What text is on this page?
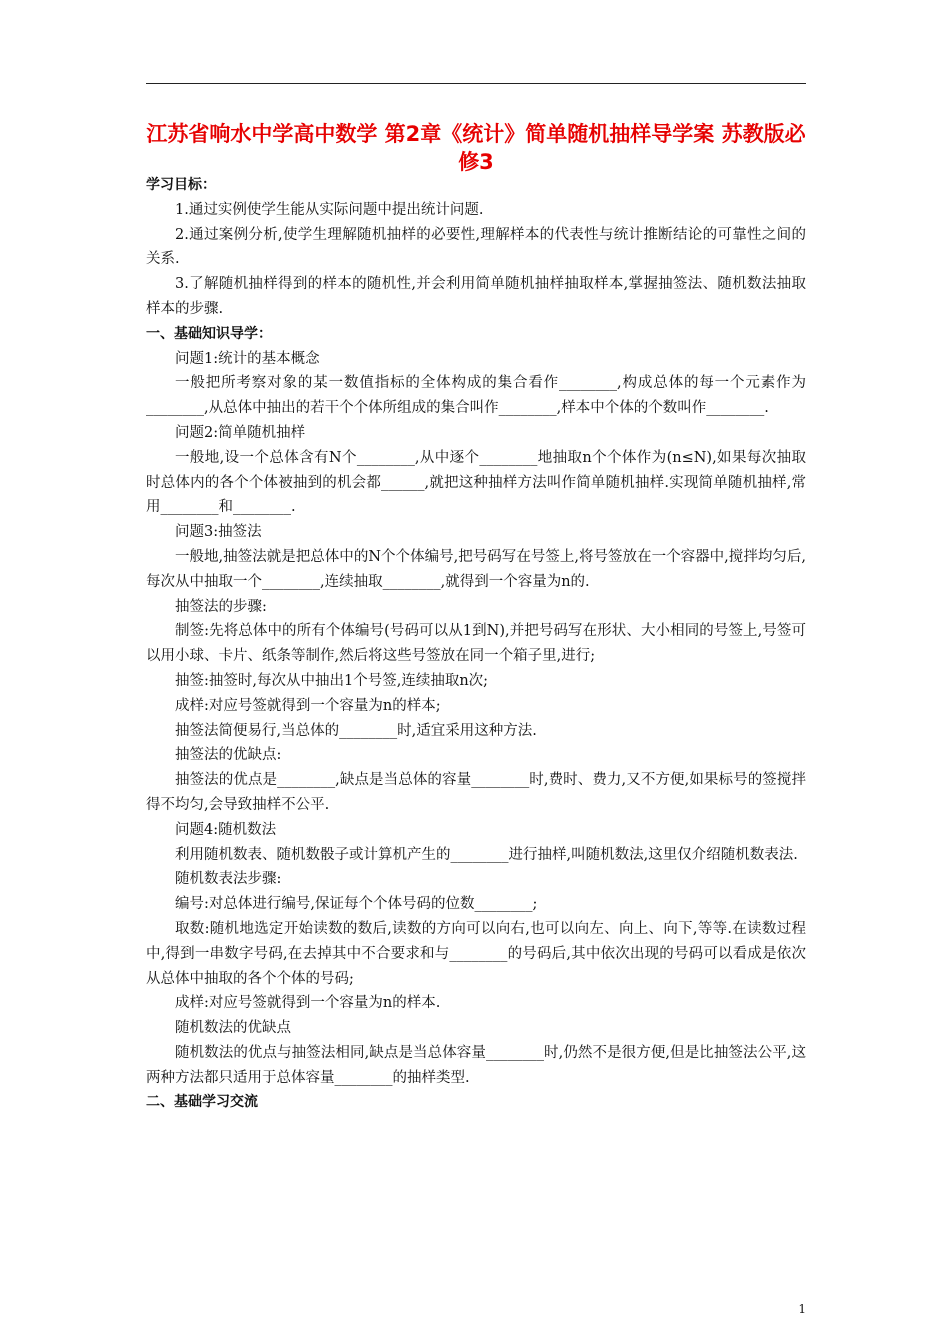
江苏省响水中学高中数学 第2章《统计》简单随机抽样导学案 苏教版必修3

学习目标：

1.通过实例使学生能从实际问题中提出统计问题.

2.通过案例分析,使学生理解随机抽样的必要性,理解样本的代表性与统计推断结论的可靠性之间的关系.

3.了解随机抽样得到的样本的随机性,并会利用简单随机抽样抽取样本,掌握抽签法、随机数法抽取样本的步骤.

一、基础知识导学：

问题1:统计的基本概念

一般把所考察对象的某一数值指标的全体构成的集合看作________,构成总体的每一个元素作为________,从总体中抽出的若干个个体所组成的集合叫作________,样本中个体的个数叫作________.

问题2:简单随机抽样

一般地,设一个总体含有N个________,从中逐个________地抽取n个个体作为(n≤N),如果每次抽取时总体内的各个个体被抽到的机会都______,就把这种抽样方法叫作简单随机抽样.实现简单随机抽样,常用________和________.

问题3:抽签法

一般地,抽签法就是把总体中的N个个体编号,把号码写在号签上,将号签放在一个容器中,搅拌均匀后,每次从中抽取一个________,连续抽取________,就得到一个容量为n的.

抽签法的步骤:

制签:先将总体中的所有个体编号(号码可以从1到N),并把号码写在形状、大小相同的号签上,号签可以用小球、卡片、纸条等制作,然后将这些号签放在同一个箱子里,进行;

抽签:抽签时,每次从中抽出1个号签,连续抽取n次;

成样:对应号签就得到一个容量为n的样本;

抽签法简便易行,当总体的________时,适宜采用这种方法.

抽签法的优缺点:

抽签法的优点是________,缺点是当总体的容量________时,费时、费力,又不方便,如果标号的签搅拌得不均匀,会导致抽样不公平.

问题4:随机数法

利用随机数表、随机数骰子或计算机产生的________进行抽样,叫随机数法,这里仅介绍随机数表法.

随机数表法步骤:

编号:对总体进行编号,保证每个个体号码的位数________;

取数:随机地选定开始读数的数后,读数的方向可以向右,也可以向左、向上、向下,等等.在读数过程中,得到一串数字号码,在去掉其中不合要求和与________的号码后,其中依次出现的号码可以看成是依次从总体中抽取的各个个体的号码;

成样:对应号签就得到一个容量为n的样本.

随机数法的优缺点

随机数法的优点与抽签法相同,缺点是当总体容量________时,仍然不是很方便,但是比抽签法公平,这两种方法都只适用于总体容量________的抽样类型.

二、基础学习交流

1
